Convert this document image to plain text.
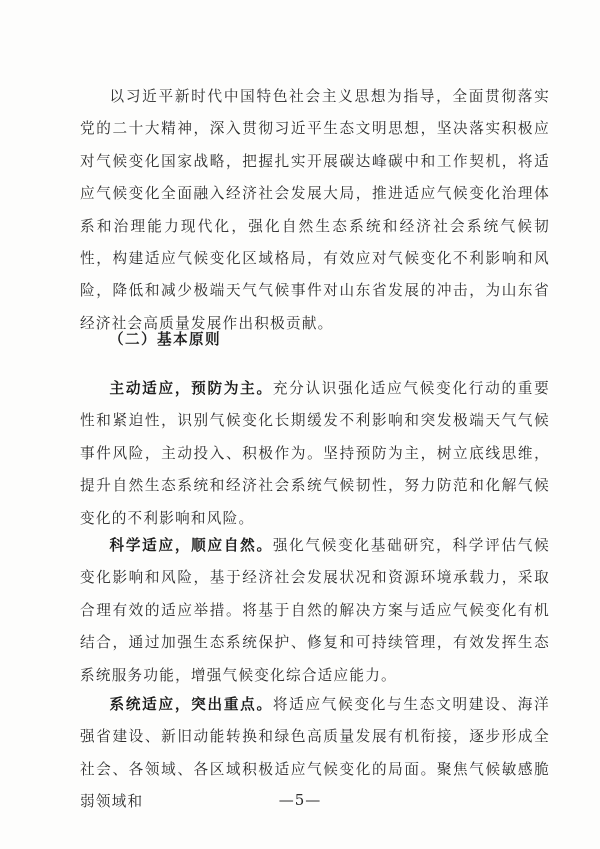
以习近平新时代中国特色社会主义思想为指导，全面贯彻落实党的二十大精神，深入贯彻习近平生态文明思想，坚决落实积极应对气候变化国家战略，把握扎实开展碳达峰碳中和工作契机，将适应气候变化全面融入经济社会发展大局，推进适应气候变化治理体系和治理能力现代化，强化自然生态系统和经济社会系统气候韧性，构建适应气候变化区域格局，有效应对气候变化不利影响和风险，降低和减少极端天气气候事件对山东省发展的冲击，为山东省经济社会高质量发展作出积极贡献。
（二）基本原则
主动适应，预防为主。充分认识强化适应气候变化行动的重要性和紧迫性，识别气候变化长期缓发不利影响和突发极端天气气候事件风险，主动投入、积极作为。坚持预防为主，树立底线思维，提升自然生态系统和经济社会系统气候韧性，努力防范和化解气候变化的不利影响和风险。
科学适应，顺应自然。强化气候变化基础研究，科学评估气候变化影响和风险，基于经济社会发展状况和资源环境承载力，采取合理有效的适应举措。将基于自然的解决方案与适应气候变化有机结合，通过加强生态系统保护、修复和可持续管理，有效发挥生态系统服务功能，增强气候变化综合适应能力。
系统适应，突出重点。将适应气候变化与生态文明建设、海洋强省建设、新旧动能转换和绿色高质量发展有机衔接，逐步形成全社会、各领域、各区域积极适应气候变化的局面。聚焦气候敏感脆弱领域和	—5—
